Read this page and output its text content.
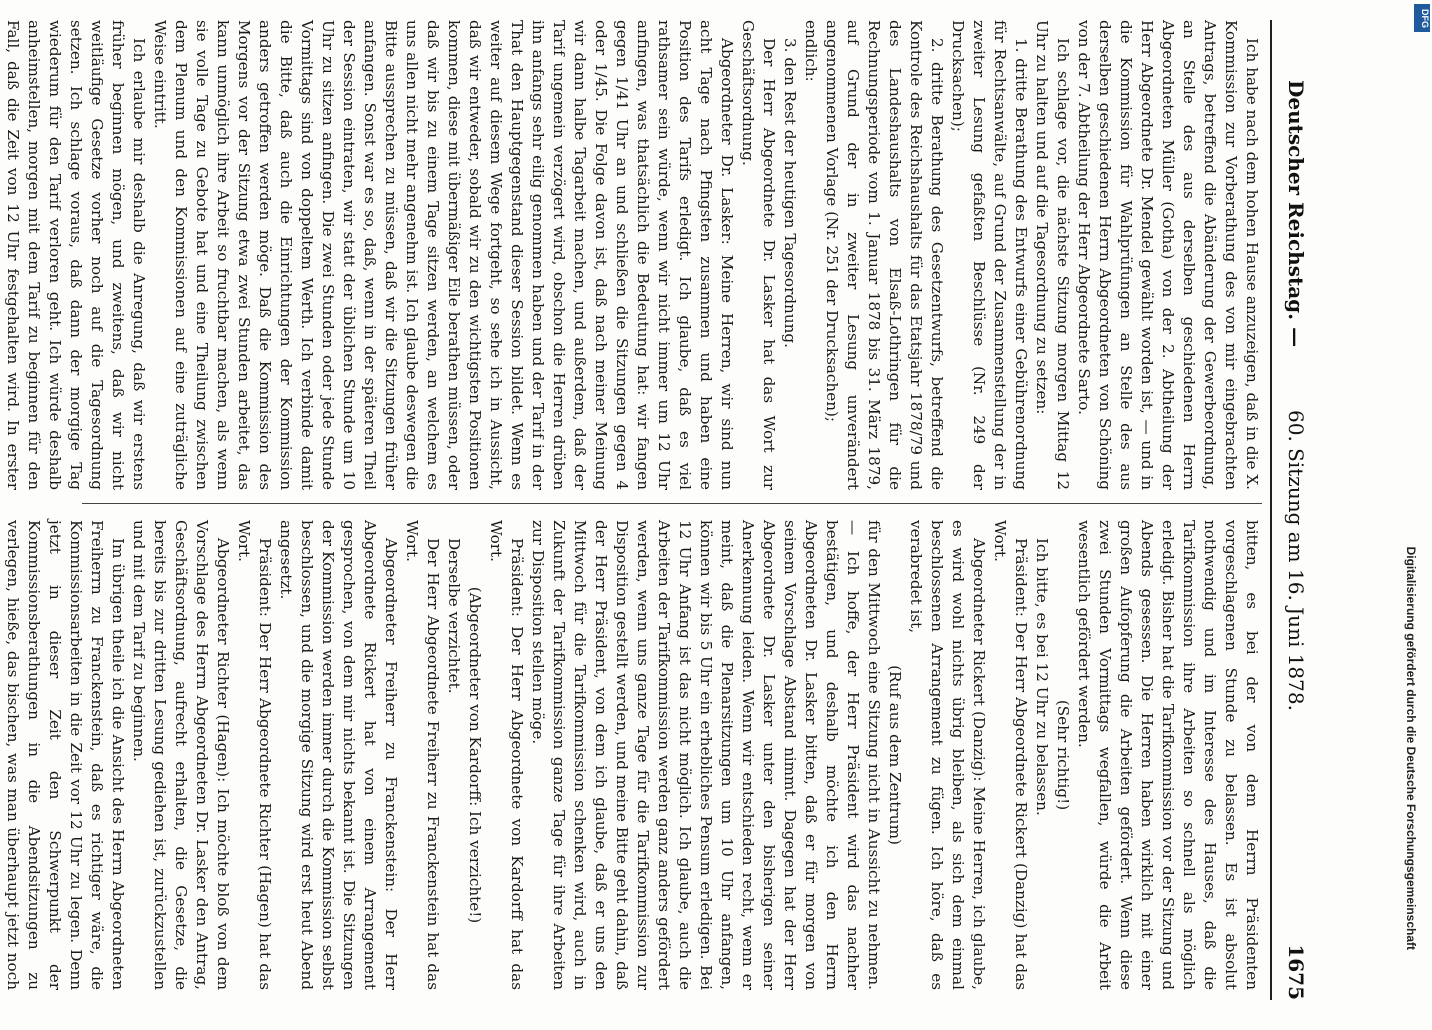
Deutscher Reichstag. —
60. Sitzung am 16. Juni 1878.
1675

Ich habe nach dem hohen Hause anzuzeigen, daß in die X. Kommission zur Vorberathung des von mir eingebrachten Antrags, betreffend die Abänderung der Gewerbeordnung, an Stelle des aus derselben geschiedenen Herrn Abgeordneten Müller (Gotha) von der 2. Abtheilung der Herr Abgeordnete Dr. Mendel gewählt worden ist, — und in die Kommission für Wahlprüfungen an Stelle des aus derselben geschiedenen Herrn Abgeordneten von Schöning von der 7. Abtheilung der Herr Abgeordnete Sarto.

Ich schlage vor, die nächste Sitzung morgen Mittag 12 Uhr zu halten und auf die Tagesordnung zu setzen:

1. dritte Berathung des Entwurfs einer Gebührenordnung für Rechtsanwälte, auf Grund der Zusammenstellung der in zweiter Lesung gefaßten Beschlüsse (Nr. 249 der Drucksachen);

2. dritte Berathung des Gesetzentwurfs, betreffend die Kontrole des Reichshaushalts für das Etatsjahr 1878/79 und des Landeshaushalts von Elsaß-Lothringen für die Rechnungsperiode vom 1. Januar 1878 bis 31. März 1879, auf Grund der in zweiter Lesung unverändert angenommenen Vorlage (Nr. 251 der Drucksachen);

endlich:

3. den Rest der heutigen Tagesordnung.

Der Herr Abgeordnete Dr. Lasker hat das Wort zur Geschäftsordnung.

Abgeordneter Dr. Lasker: Meine Herren, wir sind nun acht Tage nach Pfingsten zusammen und haben eine Position des Tarifs erledigt. Ich glaube, daß es viel rathsamer sein würde, wenn wir nicht immer um 12 Uhr anfingen, was thatsächlich die Bedeutung hat: wir fangen gegen 1/41 Uhr an und schließen die Sitzungen gegen 4 oder 1/45. Die Folge davon ist, daß nach meiner Meinung wir dann halbe Tagarbeit machen, und außerdem, daß der Tarif ungemein verzögert wird, obschon die Herren drüben ihn anfangs sehr eilig genommen haben und der Tarif in der That den Hauptgegenstand dieser Session bildet. Wenn es weiter auf diesem Wege fortgeht, so sehe ich in Aussicht, daß wir entweder, sobald wir zu den wichtigsten Positionen kommen, diese mit übermäßiger Eile berathen müssen, oder daß wir bis zu einem Tage sitzen werden, an welchem es uns allen nicht mehr angenehm ist. Ich glaube deswegen die Bitte aussprechen zu müssen, daß wir die Sitzungen früher anfangen. Sonst war es so, daß, wenn in der späteren Theil der Session eintraten, wir statt der üblichen Stunde um 10 Uhr zu sitzen anfingen. Die zwei Stunden oder jede Stunde Vormittags sind von doppeltem Werth. Ich verbinde damit die Bitte, daß auch die Einrichtungen der Kommission anders getroffen werden möge. Daß die Kommission des Morgens vor der Sitzung etwa zwei Stunden arbeitet, das kann unmöglich ihre Arbeit so fruchtbar machen, als wenn sie volle Tage zu Gebote hat und eine Theilung zwischen dem Plenum und den Kommissionen auf eine zuträgliche Weise eintritt.

Ich erlaube mir deshalb die Anregung, daß wir erstens früher beginnen mögen, und zweitens, daß wir nicht weitläufige Gesetze vorher noch auf die Tagesordnung setzen. Ich schlage voraus, daß dann der morgige Tag wiederum für den Tarif verloren geht. Ich würde deshalb anheimstellen, morgen mit dem Tarif zu beginnen für den Fall, daß die Zeit von 12 Uhr festgehalten wird. In erster

bitten, es bei der von dem Herrn Präsidenten vorgeschlagenen Stunde zu belassen. Es ist absolut nothwendig und im Interesse des Hauses, daß die Tarifkommission ihre Arbeiten so schnell als möglich erledigt. Bisher hat die Tarifkommission vor der Sitzung und Abends gesessen. Die Herren haben wirklich mit einer großen Aufopferung die Arbeiten gefördert. Wenn diese zwei Stunden Vormittags wegfallen, würde die Arbeit wesentlich gefördert werden.

(Sehr richtig!)

Ich bitte, es bei 12 Uhr zu belassen.

Präsident: Der Herr Abgeordnete Rickert (Danzig) hat das Wort.

Abgeordneter Rickert (Danzig): Meine Herren, ich glaube, es wird wohl nichts übrig bleiben, als sich dem einmal beschlossenen Arrangement zu fügen. Ich höre, daß es verabredet ist,

(Ruf aus dem Zentrum)

für den Mittwoch eine Sitzung nicht in Aussicht zu nehmen. — Ich hoffe, der Herr Präsident wird das nachher bestätigen, und deshalb möchte ich den Herrn Abgeordneten Dr. Lasker bitten, daß er für morgen von seinem Vorschlage Abstand nimmt. Dagegen hat der Herr Abgeordnete Dr. Lasker unter den bisherigen seiner Anerkennung leiden. Wenn wir entschieden recht, wenn er meint, daß die Plenarsitzungen um 10 Uhr anfangen, können wir bis 5 Uhr ein erhebliches Pensum erledigen. Bei 12 Uhr Anfang ist das nicht möglich. Ich glaube, auch die Arbeiten der Tarifkommission werden ganz anders gefördert werden, wenn uns ganze Tage für die Tarifkommission zur Disposition gestellt werden, und meine Bitte geht dahin, daß der Herr Präsident, von dem ich glaube, daß er uns den Mittwoch für die Tarifkommission schenken wird, auch in Zukunft der Tarifkommission ganze Tage für ihre Arbeiten zur Disposition stellen möge.

Präsident: Der Herr Abgeordnete von Kardorff hat das Wort.

(Abgeordneter von Kardorff: Ich verzichte!)

Derselbe verzichtet.

Der Herr Abgeordnete Freiherr zu Franckenstein hat das Wort.

Abgeordneter Freiherr zu Franckenstein: Der Herr Abgeordnete Rickert hat von einem Arrangement gesprochen, von dem mir nichts bekannt ist. Die Sitzungen der Kommission werden immer durch die Kommission selbst beschlossen, und die morgige Sitzung wird erst heut Abend angesetzt.

Präsident: Der Herr Abgeordnete Richter (Hagen) hat das Wort.

Abgeordneter Richter (Hagen): Ich möchte bloß von dem Vorschlage des Herrn Abgeordneten Dr. Lasker den Antrag, Geschäftsordnung, aufrecht erhalten, die Gesetze, die bereits bis zur dritten Lesung gediehen ist, zurückzustellen und mit dem Tarif zu beginnen.

Im übrigen theile ich die Ansicht des Herrn Abgeordneten Freiherrn zu Franckenstein, daß es richtiger wäre, die Kommissionsarbeiten in die Zeit vor 12 Uhr zu legen. Denn jetzt in dieser Zeit den Schwerpunkt der Kommissionsberathungen in die Abendsitzungen zu verlegen, hieße, das bischen, was man überhaupt jetzt noch

Digitalisierung gefördert durch die Deutsche Forschungsgemeinschaft
DFG
